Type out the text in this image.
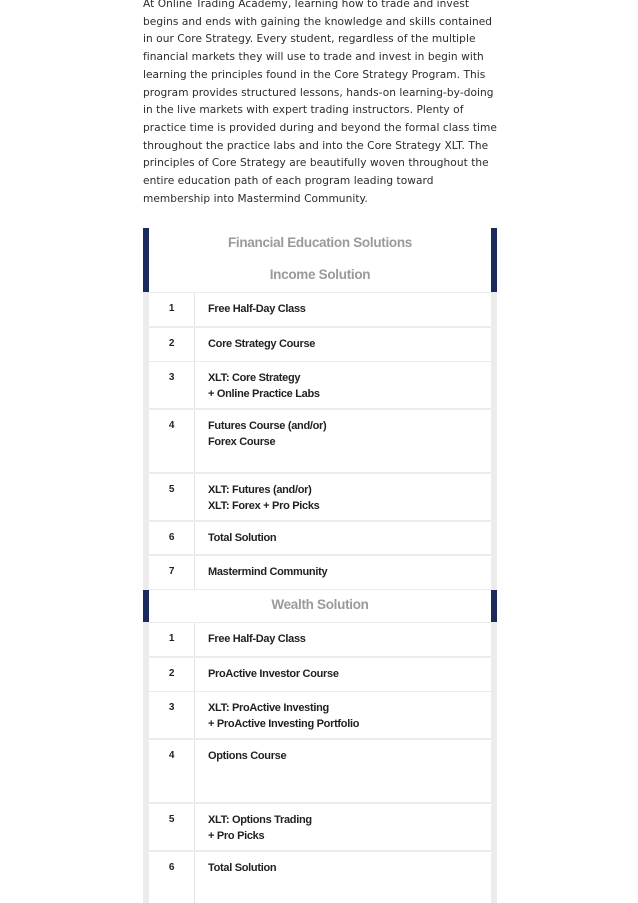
At Online Trading Academy, learning how to trade and invest begins and ends with gaining the knowledge and skills contained in our Core Strategy. Every student, regardless of the multiple financial markets they will use to trade and invest in begin with learning the principles found in the Core Strategy Program. This program provides structured lessons, hands-on learning-by-doing in the live markets with expert trading instructors. Plenty of practice time is provided during and beyond the formal class time throughout the practice labs and into the Core Strategy XLT. The principles of Core Strategy are beautifully woven throughout the entire education path of each program leading toward membership into Mastermind Community.

Financial Education Solutions
Income Solution
1	Free Half-Day Class
2	Core Strategy Course
3	XLT: Core Strategy
+ Online Practice Labs
4	Futures Course (and/or)
Forex Course
5	XLT: Futures (and/or)
XLT: Forex + Pro Picks
6	Total Solution
7	Mastermind Community
Wealth Solution
1	Free Half-Day Class
2	ProActive Investor Course
3	XLT: ProActive Investing
+ ProActive Investing Portfolio
4	Options Course
5	XLT: Options Trading
+ Pro Picks
6	Total Solution
